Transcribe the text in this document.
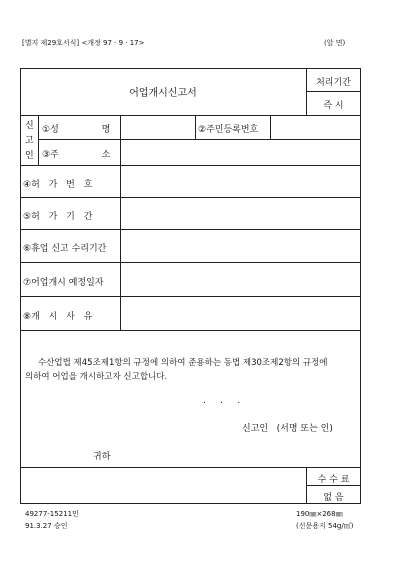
[별지 제29호서식] <개정 97 · 9 · 17>	(앞 면)
어업개시신고서
처리기간
즉 시
신
고
인
①성 명	②주민등록번호
③주 소
④허 가 번 호
⑤허 가 기 간
⑥휴업 신고 수리기간
⑦어업개시 예정일자
⑧개 시 사 유
수산업법 제45조제1항의 규정에 의하여 준용하는 동법 제30조제2항의 규정에
의하여 어업을 개시하고자 신고합니다.
.     .     .
신고인   (서명 또는 인)
귀하
수 수 료
없 음
49277-15211민
91.3.27 승인
190㎜×268㎜
(신문용지 54g/㎡)
